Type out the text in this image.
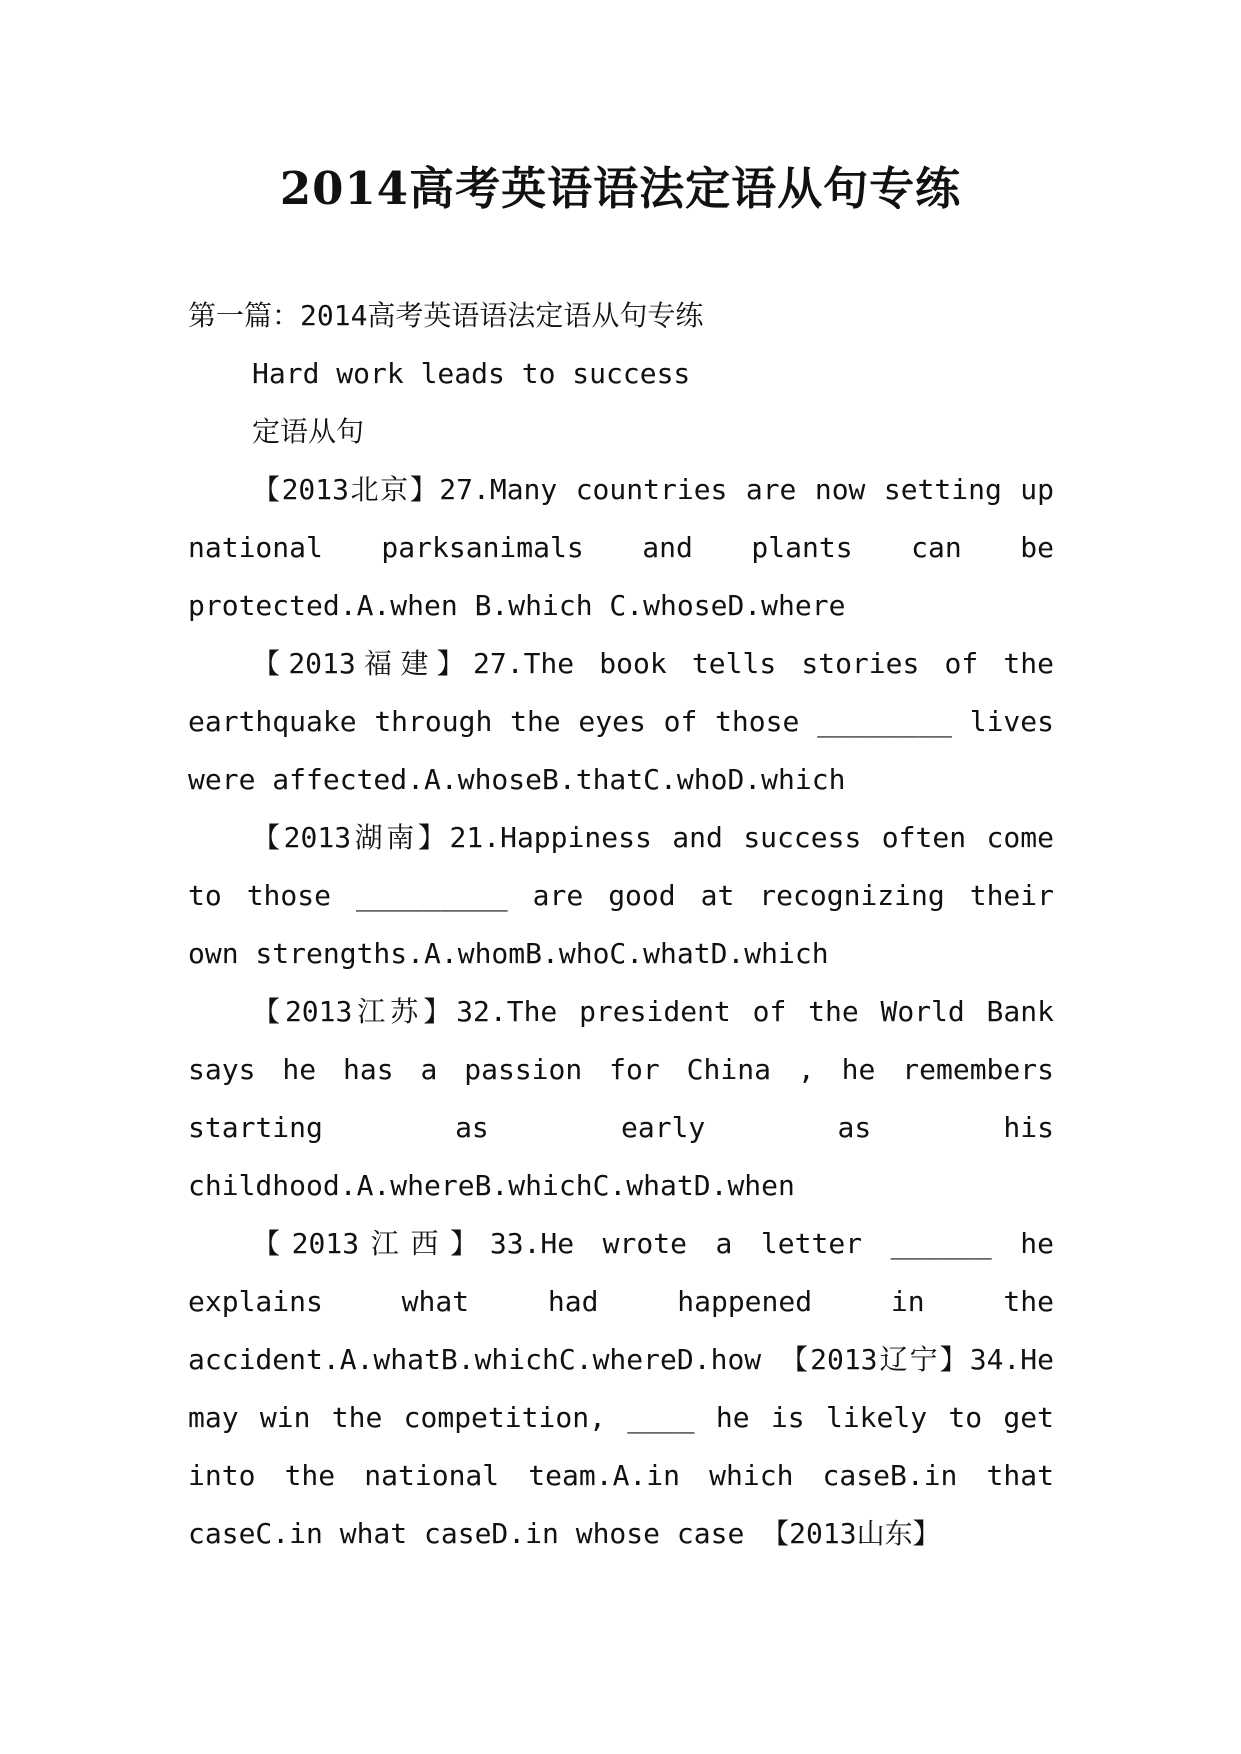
2014高考英语语法定语从句专练

第一篇：2014高考英语语法定语从句专练

Hard work leads to success

定语从句

【2013北京】27.Many countries are now setting up national parksanimals and plants can be protected.A.when B.which C.whoseD.where

【2013福建】27.The book tells stories of the earthquake through the eyes of those ________ lives were affected.A.whoseB.thatC.whoD.which

【2013湖南】21.Happiness and success often come to those _________ are good at recognizing their own strengths.A.whomB.whoC.whatD.which

【2013江苏】32.The president of the World Bank says he has a passion for China , he remembers starting as early as his childhood.A.whereB.whichC.whatD.when

【2013江西】33.He wrote a letter ______ he explains what had happened in the accident.A.whatB.whichC.whereD.how 【2013辽宁】34.He may win the competition, ____ he is likely to get into the national team.A.in which caseB.in that caseC.in what caseD.in whose case 【2013山东】
